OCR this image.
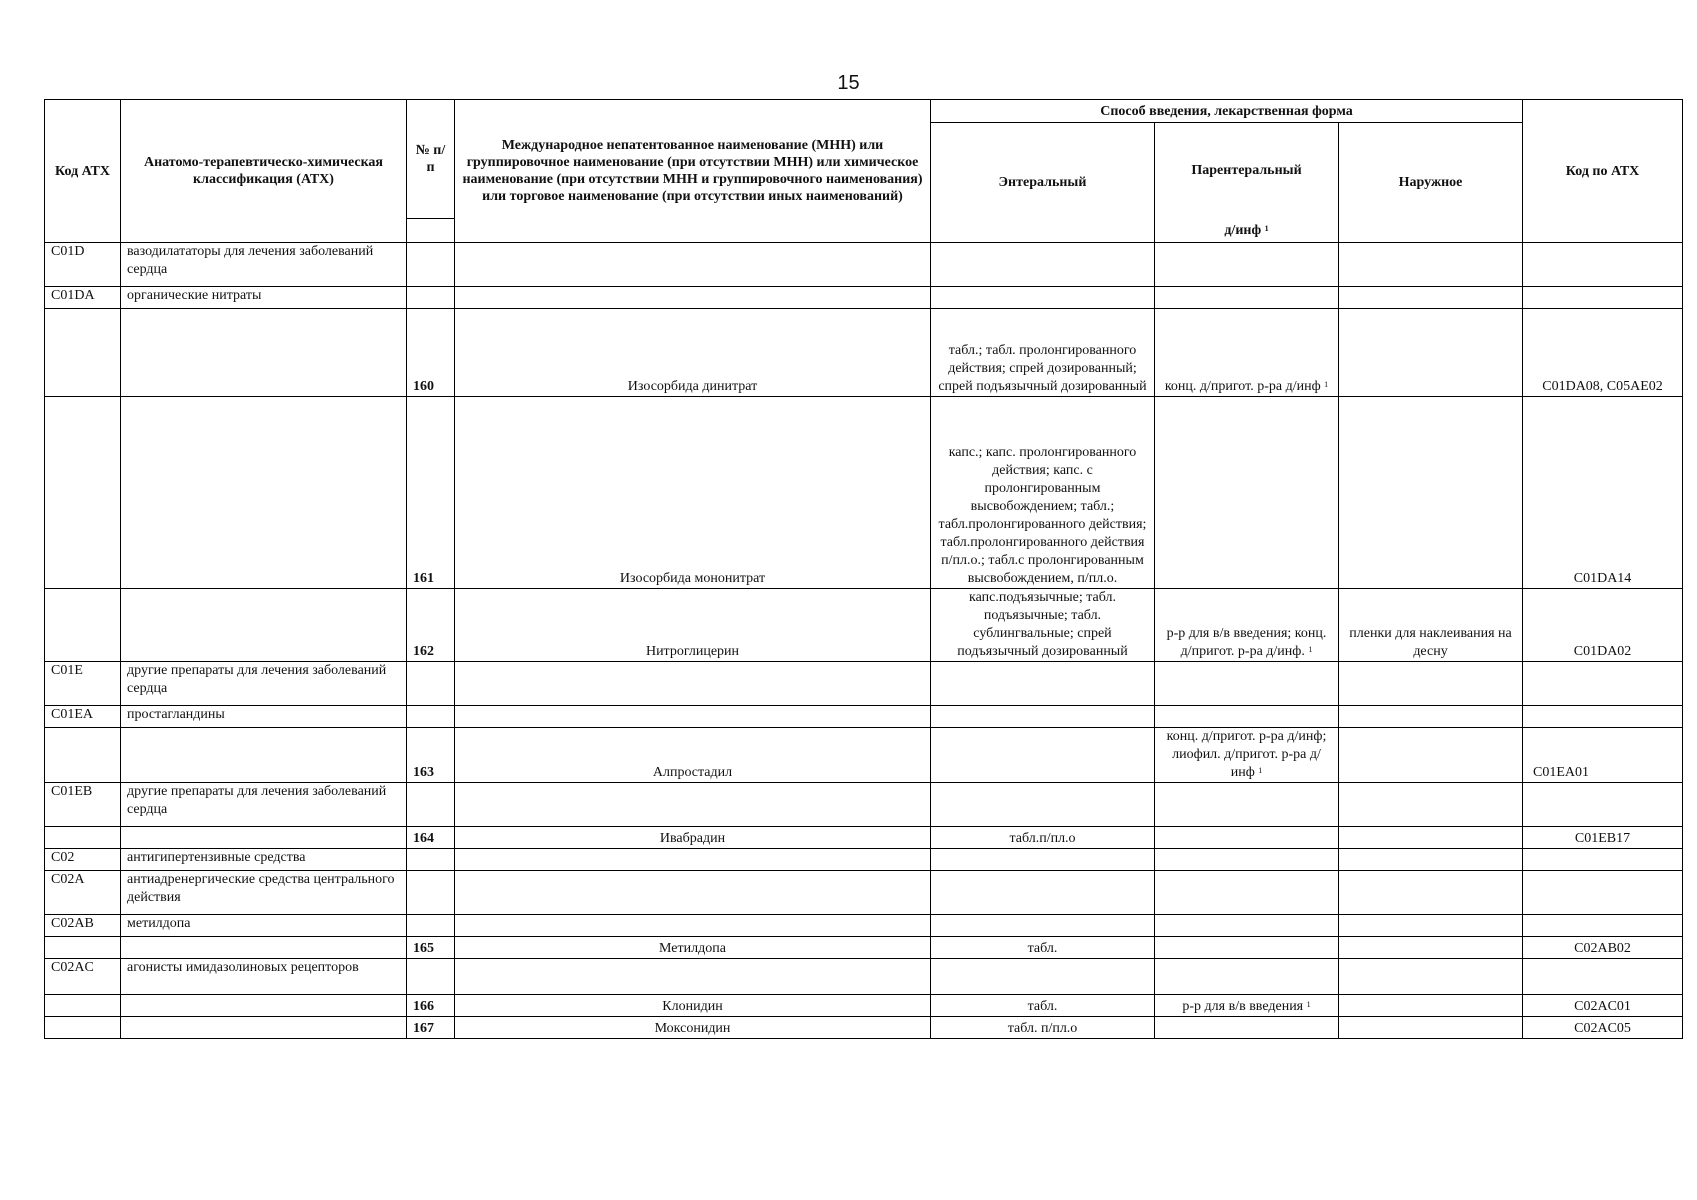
15
Код АТХ	Анатомо-терапевтическо-химическая классификация (АТХ)	№ п/п	Международное непатентованное наименование (МНН) или группировочное наименование (при отсутствии МНН) или химическое наименование (при отсутствии МНН и группировочного наименования) или торговое наименование (при отсутствии иных наименований)	Способ введения, лекарственная форма			Код по АТХ
				Энтеральный	Парентеральный	Наружное	
					д/инф $^1$
C01D	вазодилататоры для лечения заболеваний сердца						
C01DA	органические нитраты						
		160	Изосорбида динитрат	табл.; табл. пролонгированного действия; спрей дозированный; спрей подъязычный дозированный	конц. д/пригот. р-ра д/инф $^1$		C01DA08, C05AE02
		161	Изосорбида мононитрат	капс.; капс. пролонгированного действия; капс. с пролонгированным высвобождением; табл.; табл.пролонгированного действия; табл.пролонгированного действия п/пл.о.; табл.с пролонгированным высвобождением, п/пл.о.			C01DA14
		162	Нитроглицерин	капс.подъязычные; табл. подъязычные; табл. сублингвальные; спрей подъязычный дозированный	р-р для в/в введения; конц. д/пригот. р-ра д/инф. $^1$	пленки для наклеивания на десну	C01DA02
C01E	другие препараты для лечения заболеваний сердца						
C01EA	простагландины						
		163	Алпростадил		конц. д/пригот. р-ра д/инф; лиофил. д/пригот. р-ра д/инф $^1$		C01EA01
C01EB	другие препараты для лечения заболеваний сердца						
		164	Ивабрадин	табл.п/пл.о			C01EB17
C02	антигипертензивные средства						
C02A	антиадренергические средства центрального действия						
C02AB	метилдопа						
		165	Метилдопа	табл.			C02AB02
C02AC	агонисты имидазолиновых рецепторов						
		166	Клонидин	табл.	р-р для в/в введения $^1$		C02AC01
		167	Моксонидин	табл. п/пл.о			C02AC05
